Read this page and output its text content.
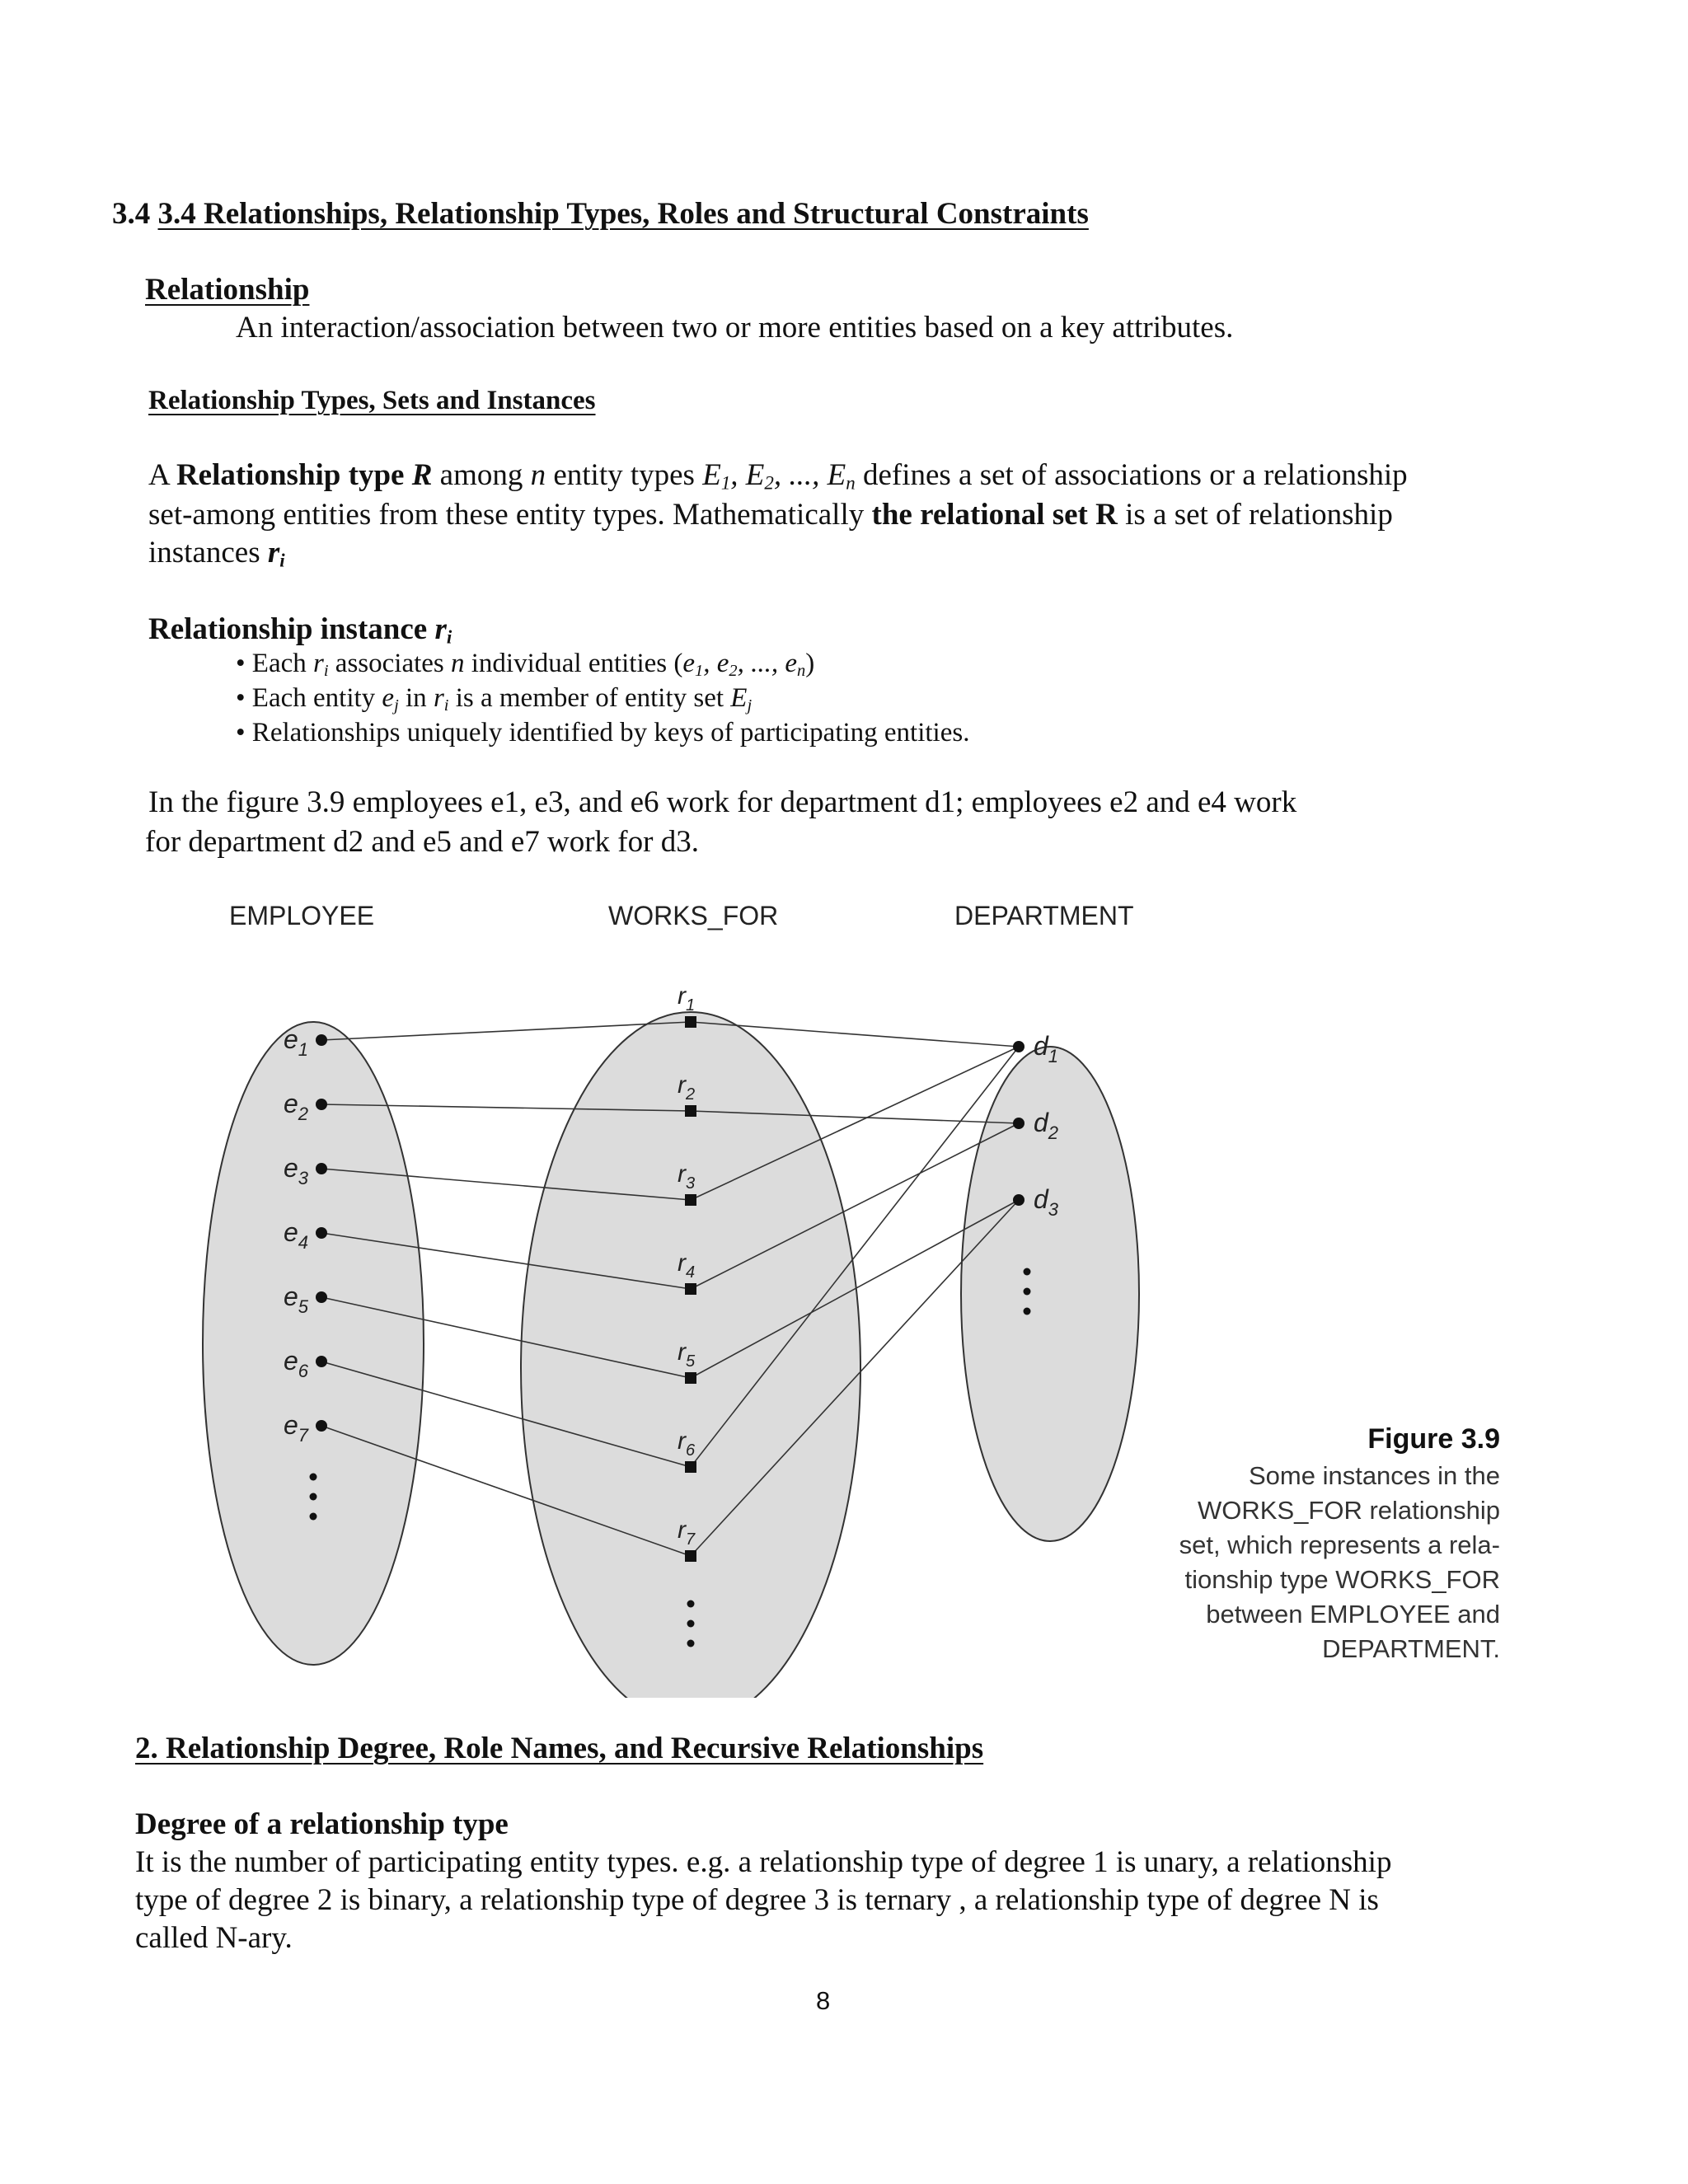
3.4 3.4 Relationships, Relationship Types, Roles and Structural Constraints
Relationship
An interaction/association between two or more entities based on a key attributes.
Relationship Types, Sets and Instances
A Relationship type R among n entity types $E_1$, $E_2$, ..., $E_n$ defines a set of associations or a relationship
set-among entities from these entity types. Mathematically the relational set R is a set of relationship
instances $r_i$
Relationship instance $r_i$
• Each $r_i$ associates n individual entities ($e_1$, $e_2$, ..., $e_n$)
• Each entity $e_j$ in $r_i$ is a member of entity set $E_j$
• Relationships uniquely identified by keys of participating entities.
In the figure 3.9 employees e1, e3, and e6 work for department d1; employees e2 and e4 work
for department d2 and e5 and e7 work for d3.
EMPLOYEE	WORKS_FOR	DEPARTMENT
$e_1$
$e_2$
$e_3$
$e_4$
$e_5$
$e_6$
$e_7$
$r_1$
$r_2$
$r_3$
$r_4$
$r_5$
$r_6$
$r_7$
$d_1$
$d_2$
$d_3$
Figure 3.9
Some instances in the
WORKS_FOR relationship
set, which represents a rela-
tionship type WORKS_FOR
between EMPLOYEE and
DEPARTMENT.
2. Relationship Degree, Role Names, and Recursive Relationships
Degree of a relationship type
It is the number of participating entity types. e.g. a relationship type of degree 1 is unary, a relationship
type of degree 2 is binary, a relationship type of degree 3 is ternary , a relationship type of degree N is
called N-ary.
8
